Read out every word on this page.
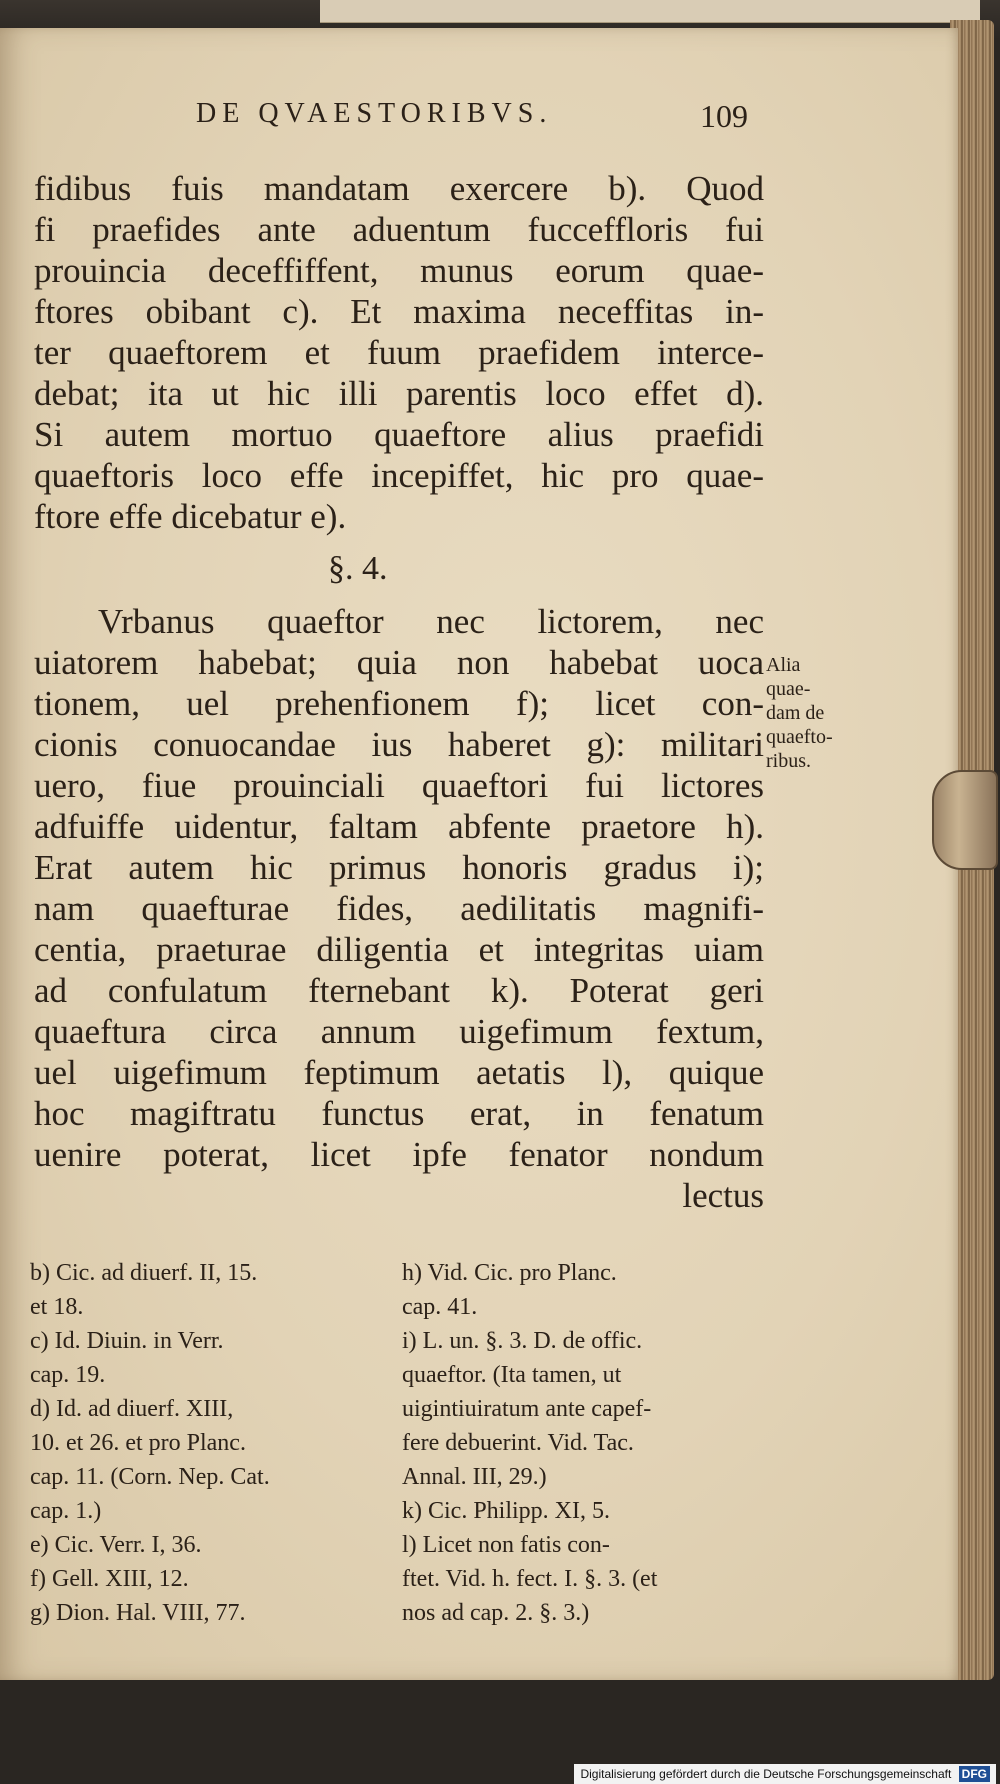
DE QVAESTORIBVS.	109
fidibus fuis mandatam exercere b). Quod
fi praefides ante aduentum fucceffloris fui
prouincia deceffiffent, munus eorum quae-
ftores obibant c). Et maxima neceffitas in-
ter quaeftorem et fuum praefidem interce-
debat; ita ut hic illi parentis loco effet d).
Si autem mortuo quaeftore alius praefidi
quaeftoris loco effe incepiffet, hic pro quae-
ftore effe dicebatur e).
§. 4.
Vrbanus quaeftor nec lictorem, nec
uiatorem habebat; quia non habebat uoca
tionem, uel prehenfionem f); licet con-
cionis conuocandae ius haberet g): militari
uero, fiue prouinciali quaeftori fui lictores
adfuiffe uidentur, faltam abfente praetore h).
Erat autem hic primus honoris gradus i);
nam quaefturae fides, aedilitatis magnifi-
centia, praeturae diligentia et integritas uiam
ad confulatum fternebant k). Poterat geri
quaeftura circa annum uigefimum fextum,
uel uigefimum feptimum aetatis l), quique
hoc magiftratu functus erat, in fenatum
uenire poterat, licet ipfe fenator nondum
lectus
Alia
quae-
dam de
quaefto-
ribus.
b) Cic. ad diuerf. II, 15.
et 18.
c) Id. Diuin. in Verr.
cap. 19.
d) Id. ad diuerf. XIII,
10. et 26. et pro Planc.
cap. 11. (Corn. Nep. Cat.
cap. 1.)
e) Cic. Verr. I, 36.
f) Gell. XIII, 12.
g) Dion. Hal. VIII, 77.
h) Vid. Cic. pro Planc.
cap. 41.
i) L. un. §. 3. D. de offic.
quaeftor. (Ita tamen, ut
uigintiuiratum ante capef-
fere debuerint. Vid. Tac.
Annal. III, 29.)
k) Cic. Philipp. XI, 5.
l) Licet non fatis con-
ftet. Vid. h. fect. I. §. 3. (et
nos ad cap. 2. §. 3.)
Digitalisierung gefördert durch die Deutsche Forschungsgemeinschaft DFG
